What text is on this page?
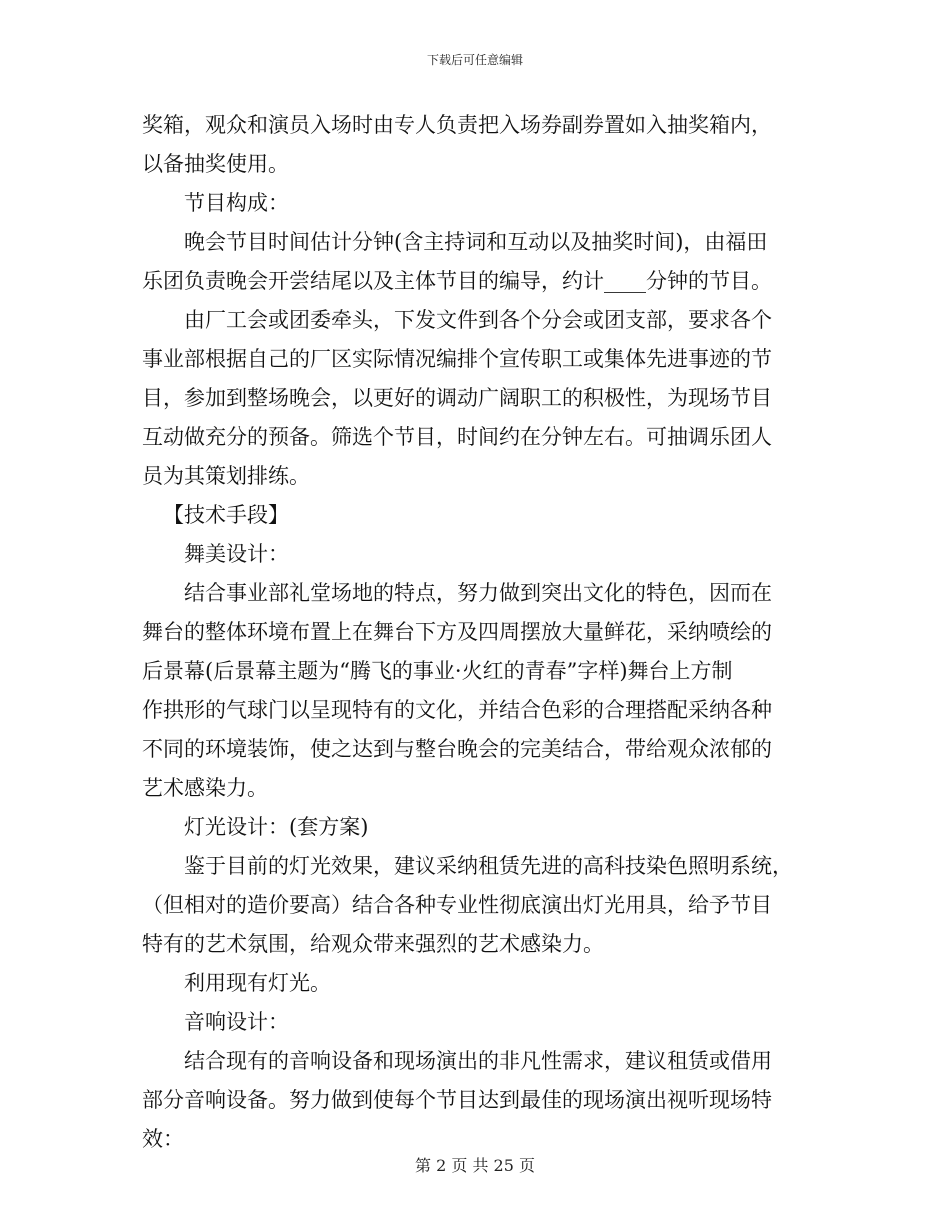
下载后可任意编辑
奖箱，观众和演员入场时由专人负责把入场券副券置如入抽奖箱内，
以备抽奖使用。
节目构成：
晚会节目时间估计分钟(含主持词和互动以及抽奖时间)，由福田
乐团负责晚会开尝结尾以及主体节目的编导，约计____分钟的节目。
由厂工会或团委牵头，下发文件到各个分会或团支部，要求各个
事业部根据自己的厂区实际情况编排个宣传职工或集体先进事迹的节
目，参加到整场晚会，以更好的调动广阔职工的积极性，为现场节目
互动做充分的预备。筛选个节目，时间约在分钟左右。可抽调乐团人
员为其策划排练。
【技术手段】
舞美设计：
结合事业部礼堂场地的特点，努力做到突出文化的特色，因而在
舞台的整体环境布置上在舞台下方及四周摆放大量鲜花，采纳喷绘的
后景幕(后景幕主题为“腾飞的事业·火红的青春”字样)舞台上方制
作拱形的气球门以呈现特有的文化，并结合色彩的合理搭配采纳各种
不同的环境装饰，使之达到与整台晚会的完美结合，带给观众浓郁的
艺术感染力。
灯光设计：(套方案)
鉴于目前的灯光效果，建议采纳租赁先进的高科技染色照明系统，
（但相对的造价要高）结合各种专业性彻底演出灯光用具，给予节目
特有的艺术氛围，给观众带来强烈的艺术感染力。
利用现有灯光。
音响设计：
结合现有的音响设备和现场演出的非凡性需求，建议租赁或借用
部分音响设备。努力做到使每个节目达到最佳的现场演出视听现场特
效：
第 2 页 共 25 页
